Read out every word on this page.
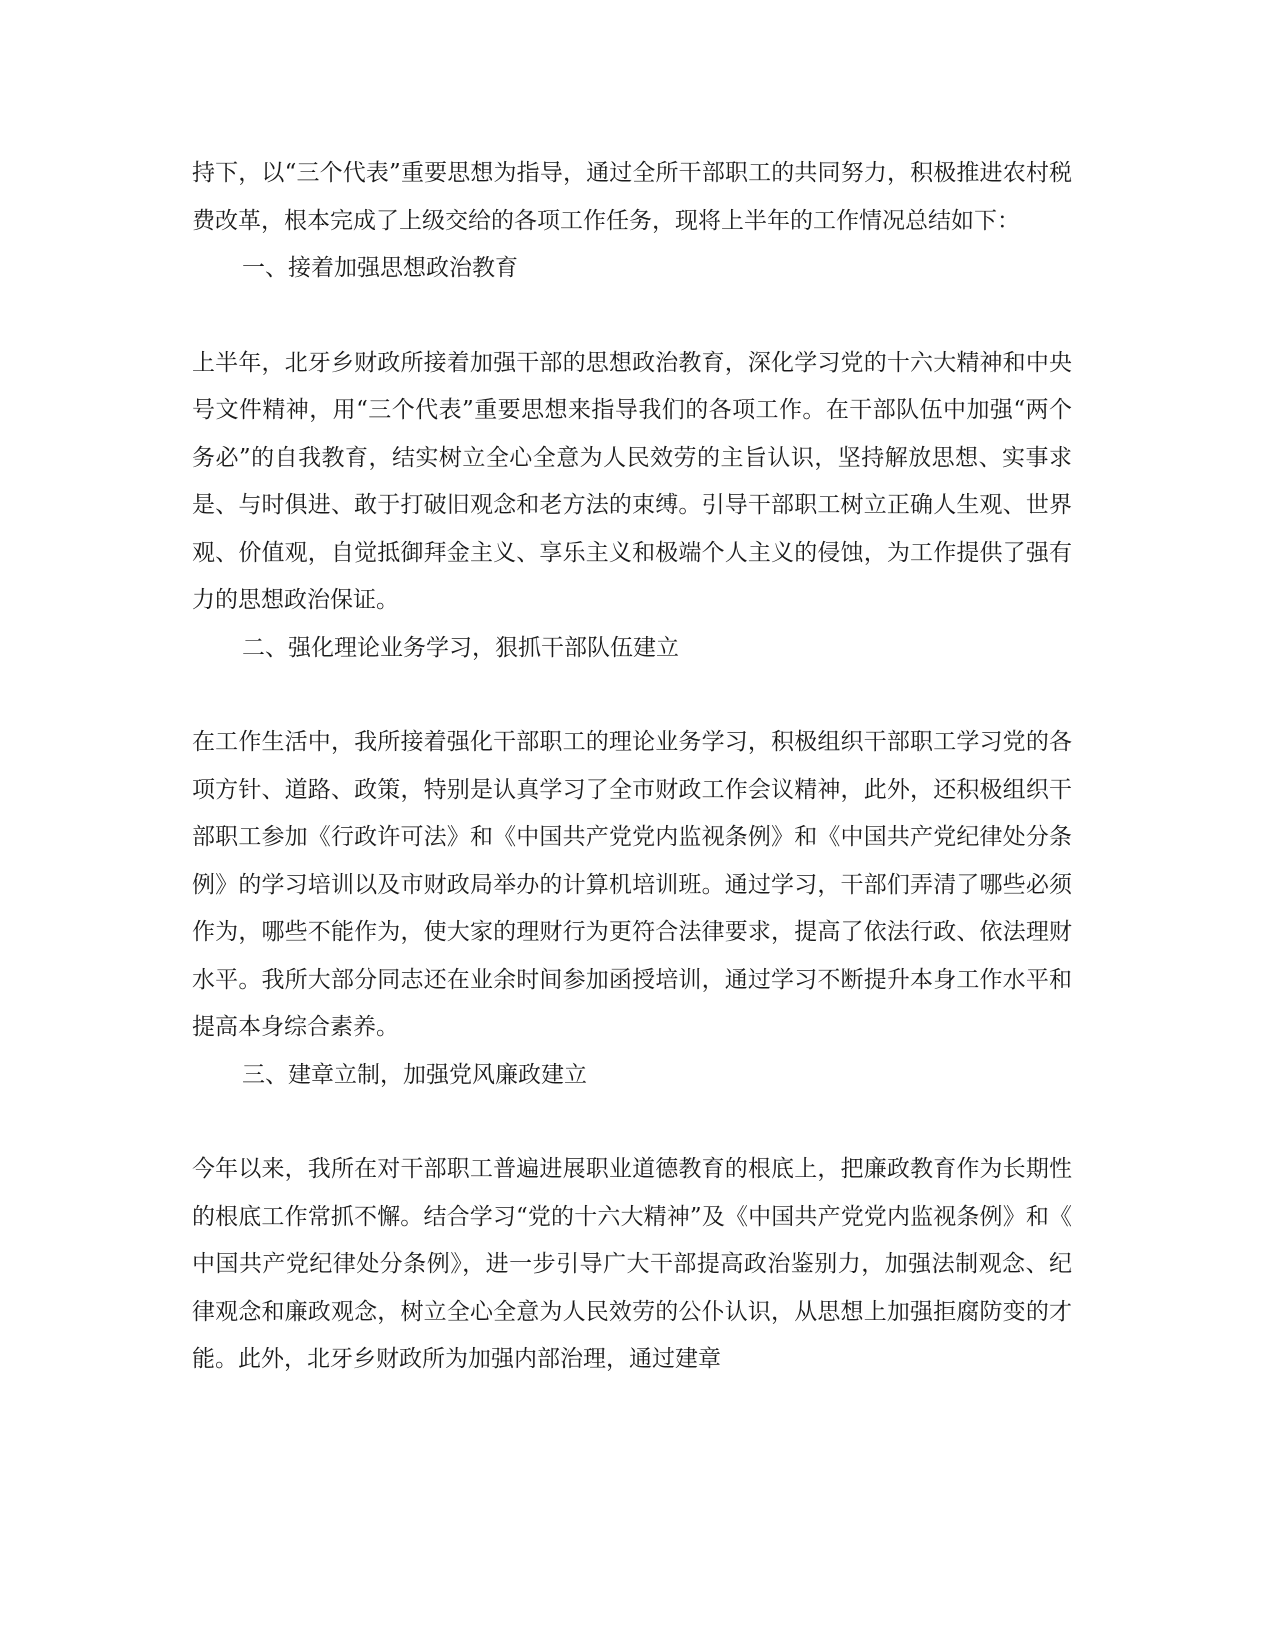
持下，以“三个代表”重要思想为指导，通过全所干部职工的共同努力，积极推进农村税费改革，根本完成了上级交给的各项工作任务，现将上半年的工作情况总结如下：

一、接着加强思想政治教育

上半年，北牙乡财政所接着加强干部的思想政治教育，深化学习党的十六大精神和中央号文件精神，用“三个代表”重要思想来指导我们的各项工作。在干部队伍中加强“两个务必”的自我教育，结实树立全心全意为人民效劳的主旨认识，坚持解放思想、实事求是、与时俱进、敢于打破旧观念和老方法的束缚。引导干部职工树立正确人生观、世界观、价值观，自觉抵御拜金主义、享乐主义和极端个人主义的侵蚀，为工作提供了强有力的思想政治保证。

二、强化理论业务学习，狠抓干部队伍建立

在工作生活中，我所接着强化干部职工的理论业务学习，积极组织干部职工学习党的各项方针、道路、政策，特别是认真学习了全市财政工作会议精神，此外，还积极组织干部职工参加《行政许可法》和《中国共产党党内监视条例》和《中国共产党纪律处分条例》的学习培训以及市财政局举办的计算机培训班。通过学习，干部们弄清了哪些必须作为，哪些不能作为，使大家的理财行为更符合法律要求，提高了依法行政、依法理财水平。我所大部分同志还在业余时间参加函授培训，通过学习不断提升本身工作水平和提高本身综合素养。

三、建章立制，加强党风廉政建立

今年以来，我所在对干部职工普遍进展职业道德教育的根底上，把廉政教育作为长期性的根底工作常抓不懈。结合学习“党的十六大精神”及《中国共产党党内监视条例》和《中国共产党纪律处分条例》，进一步引导广大干部提高政治鉴别力，加强法制观念、纪律观念和廉政观念，树立全心全意为人民效劳的公仆认识，从思想上加强拒腐防变的才能。此外，北牙乡财政所为加强内部治理，通过建章
